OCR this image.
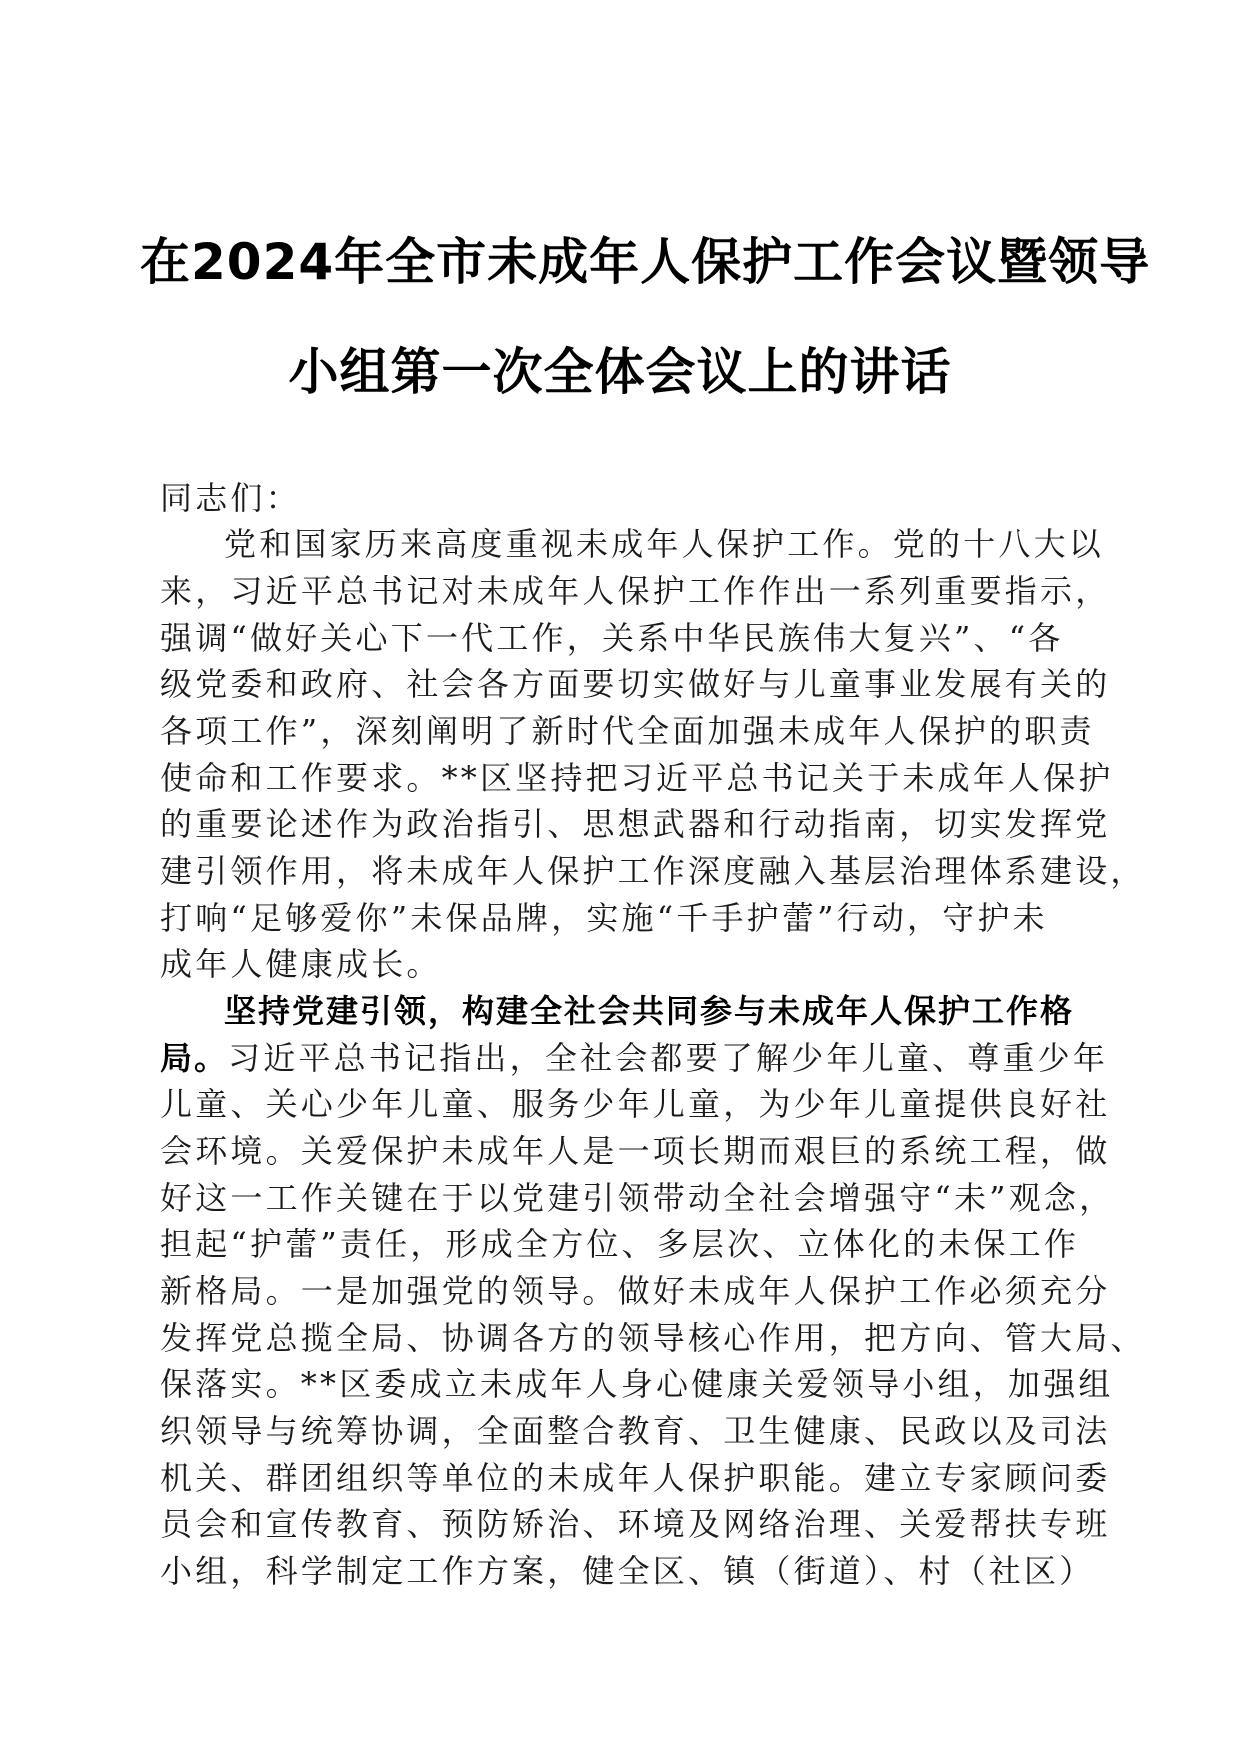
在2024年全市未成年人保护工作会议暨领导
小组第一次全体会议上的讲话
同志们：
党和国家历来高度重视未成年人保护工作。党的十八大以
来，习近平总书记对未成年人保护工作作出一系列重要指示，
强调“做好关心下一代工作，关系中华民族伟大复兴”、“各
级党委和政府、社会各方面要切实做好与儿童事业发展有关的
各项工作”，深刻阐明了新时代全面加强未成年人保护的职责
使命和工作要求。**区坚持把习近平总书记关于未成年人保护
的重要论述作为政治指引、思想武器和行动指南，切实发挥党
建引领作用，将未成年人保护工作深度融入基层治理体系建设，
打响“足够爱你”未保品牌，实施“千手护蕾”行动，守护未
成年人健康成长。
坚持党建引领，构建全社会共同参与未成年人保护工作格
局。习近平总书记指出，全社会都要了解少年儿童、尊重少年
儿童、关心少年儿童、服务少年儿童，为少年儿童提供良好社
会环境。关爱保护未成年人是一项长期而艰巨的系统工程，做
好这一工作关键在于以党建引领带动全社会增强守“未”观念，
担起“护蕾”责任，形成全方位、多层次、立体化的未保工作
新格局。一是加强党的领导。做好未成年人保护工作必须充分
发挥党总揽全局、协调各方的领导核心作用，把方向、管大局、
保落实。**区委成立未成年人身心健康关爱领导小组，加强组
织领导与统筹协调，全面整合教育、卫生健康、民政以及司法
机关、群团组织等单位的未成年人保护职能。建立专家顾问委
员会和宣传教育、预防矫治、环境及网络治理、关爱帮扶专班
小组，科学制定工作方案，健全区、镇（街道）、村（社区）
